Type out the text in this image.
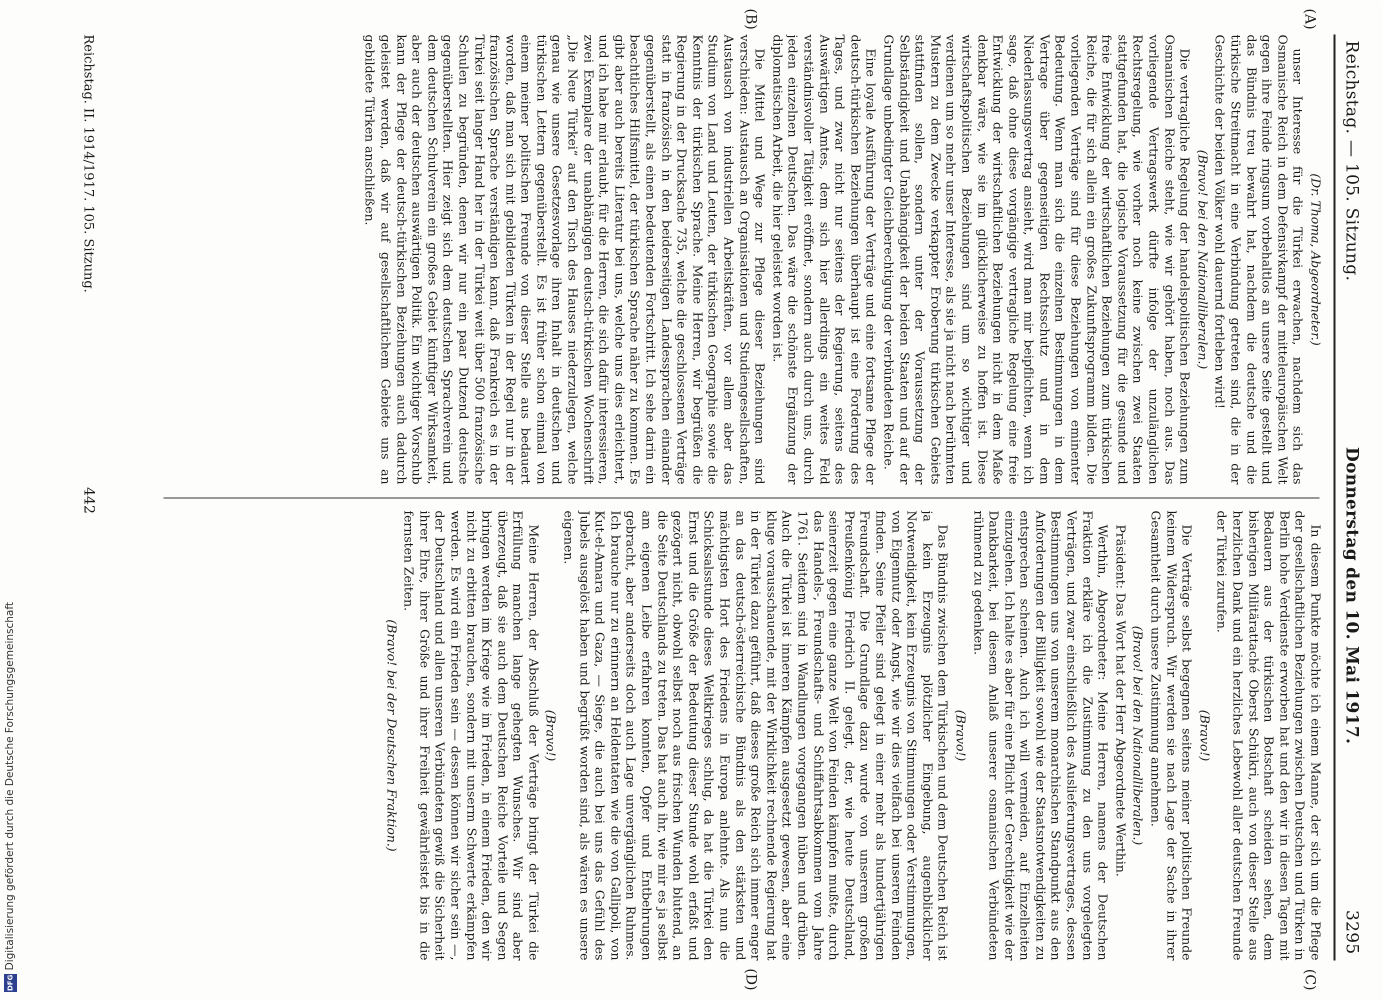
Reichstag. — 105. Sitzung.
Donnerstag den 10. Mai 1917.
3295
(A)
(B)
(C)
(D)

(Dr. Thoma, Abgeordneter.)

unser Interesse für die Türkei erwachen, nachdem sich das Osmanische Reich in dem Defensivkampf der mitteleuropäischen Welt gegen ihre Feinde ringsum vorbehaltlos an unsere Seite gestellt und das Bündnis treu bewahrt hat, nachdem die deutsche und die türkische Streitmacht in eine Verbindung getreten sind, die in der Geschichte der beiden Völker wohl dauernd fortleben wird!

(Bravo! bei den Nationalliberalen.)

Die vertragliche Regelung der handelspolitischen Beziehungen zum Osmanischen Reiche steht, wie wir gehört haben, noch aus. Das vorliegende Vertragswerk dürfte infolge der unzulänglichen Rechtsregelung, wie vorher noch keine zwischen zwei Staaten stattgefunden hat, die logische Voraussetzung für die gesunde und freie Entwicklung der wirtschaftlichen Beziehungen zum türkischen Reiche, die für sich allein ein großes Zukunftsprogramm bilden. Die vorliegenden Verträge sind für diese Beziehungen von eminenter Bedeutung. Wenn man sich die einzelnen Bestimmungen in dem Vertrage über gegenseitigen Rechtsschutz und in dem Niederlassungsvertrag ansieht, wird man mir beipflichten, wenn ich sage, daß ohne diese vorgängige vertragliche Regelung eine freie Entwicklung der wirtschaftlichen Beziehungen nicht in dem Maße denkbar wäre, wie sie im glücklicherweise zu hoffen ist. Diese wirtschaftspolitischen Beziehungen sind um so wichtiger und verdienen um so mehr unser Interesse, als sie ja nicht nach berühmten Mustern zu dem Zwecke verkappter Eroberung türkischen Gebiets stattfinden sollen, sondern unter der Voraussetzung der Selbständigkeit und Unabhängigkeit der beiden Staaten und auf der Grundlage unbedingter Gleichberechtigung der verbündeten Reiche.

Eine loyale Ausführung der Verträge und eine fortsame Pflege der deutsch-türkischen Beziehungen überhaupt ist eine Forderung des Tages, und zwar nicht nur seitens der Regierung, seitens des Auswärtigen Amtes, dem sich hier allerdings ein weites Feld verständnisvoller Tätigkeit eröffnet, sondern auch durch uns, durch jeden einzelnen Deutschen. Das wäre die schönste Ergänzung der diplomatischen Arbeit, die hier geleistet worden ist.

Die Mittel und Wege zur Pflege dieser Beziehungen sind verschieden: Austausch an Organisationen und Studiengesellschaften, Austausch von industriellen Arbeitskräften, vor allem aber das Studium von Land und Leuten, der türkischen Geographie sowie die Kenntnis der türkischen Sprache. Meine Herren, wir begrüßen die Regierung in der Drucksache 735, welche die geschlossenen Verträge statt in französisch in den beiderseitigen Landessprachen einander gegenüberstellt, als einen bedeutenden Fortschritt. Ich sehe darin ein beachtliches Hilfsmittel, der türkischen Sprache näher zu kommen. Es gibt aber auch bereits Literatur bei uns, welche uns dies erleichtert, und ich habe mir erlaubt, für die Herren, die sich dafür interessieren, zwei Exemplare der unabhängigen deutsch-türkischen Wochenschrift „Die Neue Türkei“ auf den Tisch des Hauses niederzulegen, welche genau wie unsere Gesetzesvorlage ihren Inhalt in deutschen und türkischen Lettern gegenüberstellt. Es ist früher schon einmal von einem meiner politischen Freunde von dieser Stelle aus bedauert worden, daß man sich mit gebildeten Türken in der Regel nur in der französischen Sprache verständigen kann, daß Frankreich es in der Türkei seit langer Hand her in der Türkei weit über 500 französische Schulen zu begründen, denen wir nur ein paar Dutzend deutsche gegenüberstellten. Hier zeigt sich dem deutschen Sprachverein und dem deutschen Schulverein ein großes Gebiet künftiger Wirksamkeit, aber auch der deutschen auswärtigen Politik. Ein wichtiger Vorschub kann der Pflege der deutsch-türkischen Beziehungen auch dadurch geleistet werden, daß wir auf gesellschaftlichem Gebiete uns an gebildete Türken anschließen.

In diesem Punkte möchte ich einem Manne, der sich um die Pflege der gesellschaftlichen Beziehungen zwischen Deutschen und Türken in Berlin hohe Verdienste erworben hat und den wir in diesen Tagen mit Bedauern aus der türkischen Botschaft scheiden sehen, dem bisherigen Militärattaché Oberst Schükri, auch von dieser Stelle aus herzlichen Dank und ein herzliches Lebewohl aller deutschen Freunde der Türkei zurufen.

(Bravo!)

Die Verträge selbst begegnen seitens meiner politischen Freunde keinem Widerspruch. Wir werden sie nach Lage der Sache in ihrer Gesamtheit durch unsere Zustimmung annehmen.

(Bravo! bei den Nationalliberalen.)

Präsident: Das Wort hat der Herr Abgeordnete Werthin.

Werthin, Abgeordneter: Meine Herren, namens der Deutschen Fraktion erkläre ich die Zustimmung zu den uns vorgelegten Verträgen, und zwar einschließlich des Auslieferungsvertrages, dessen Bestimmungen uns von unserem monarchischen Standpunkt aus den Anforderungen der Billigkeit sowohl wie der Staatsnotwendigkeiten zu entsprechen scheinen. Auch ich will vermeiden, auf Einzelheiten einzugehen. Ich halte es aber für eine Pflicht der Gerechtigkeit wie der Dankbarkeit, bei diesem Anlaß unserer osmanischen Verbündeten rühmend zu gedenken.

(Bravo!)

Das Bündnis zwischen dem Türkischen und dem Deutschen Reich ist ja kein Erzeugnis plötzlicher Eingebung, augenblicklicher Notwendigkeit, kein Erzeugnis von Stimmungen oder Verstimmungen, von Eigennutz oder Angst, wie wir dies vielfach bei unseren Feinden finden. Seine Pfeiler sind gelegt in einer mehr als hundertjährigen Freundschaft. Die Grundlage dazu wurde von unserem großen Preußenkönig Friedrich II. gelegt, der, wie heute Deutschland, seinerzeit gegen eine ganze Welt von Feinden kämpfen mußte, durch das Handels-, Freundschafts- und Schiffahrtsabkommen vom Jahre 1761. Seitdem sind in Wandlungen vorgegangen hüben und drüben. Auch die Türkei ist inneren Kämpfen ausgesetzt gewesen, aber eine kluge vorausschauende, mit der Wirklichkeit rechnende Regierung hat in der Türkei dazu geführt, daß dieses große Reich sich immer enger an das deutsch-österreichische Bündnis als den stärksten und mächtigsten Hort des Friedens in Europa anlehnte. Als nun die Schicksalsstunde dieses Weltkrieges schlug, da hat die Türkei den Ernst und die Größe der Bedeutung dieser Stunde wohl erfaßt und gezögert nicht, obwohl selbst noch aus frischen Wunden blutend, an die Seite Deutschlands zu treten. Das hat auch ihr, wie mir es ja selbst am eigenen Leibe erfahren konnten, Opfer und Entbehrungen gebracht, aber anderseits doch auch Lage unvergänglichen Ruhmes. Ich brauche nur zu erinnern an Heldentaten wie die von Gallipoli, von Kut-el-Amara und Gaza, — Siege, die auch bei uns das Gefühl des Jubels ausgelöst haben und begrüßt worden sind, als wären es unsere eigenen.

(Bravo!)

Meine Herren, der Abschluß der Verträge bringt der Türkei die Erfüllung manchen lange gehegten Wunsches. Wir sind aber überzeugt, daß sie auch dem Deutschen Reiche Vorteile und Segen bringen werden im Kriege wie im Frieden, in einem Frieden, den wir nicht zu erbitten brauchen, sondern mit unserm Schwerte erkämpfen werden. Es wird ein Frieden sein — dessen können wir sicher sein —, der Deutschland und allen unseren Verbündeten gewiß die Sicherheit ihrer Ehre, ihrer Größe und ihrer Freiheit gewährleistet bis in die fernsten Zeiten.

(Bravo! bei der Deutschen Fraktion.)

Reichstag. II. 1914/1917. 105. Sitzung.
442
Digitalisierung gefördert durch die Deutsche Forschungsgemeinschaft
DFG
